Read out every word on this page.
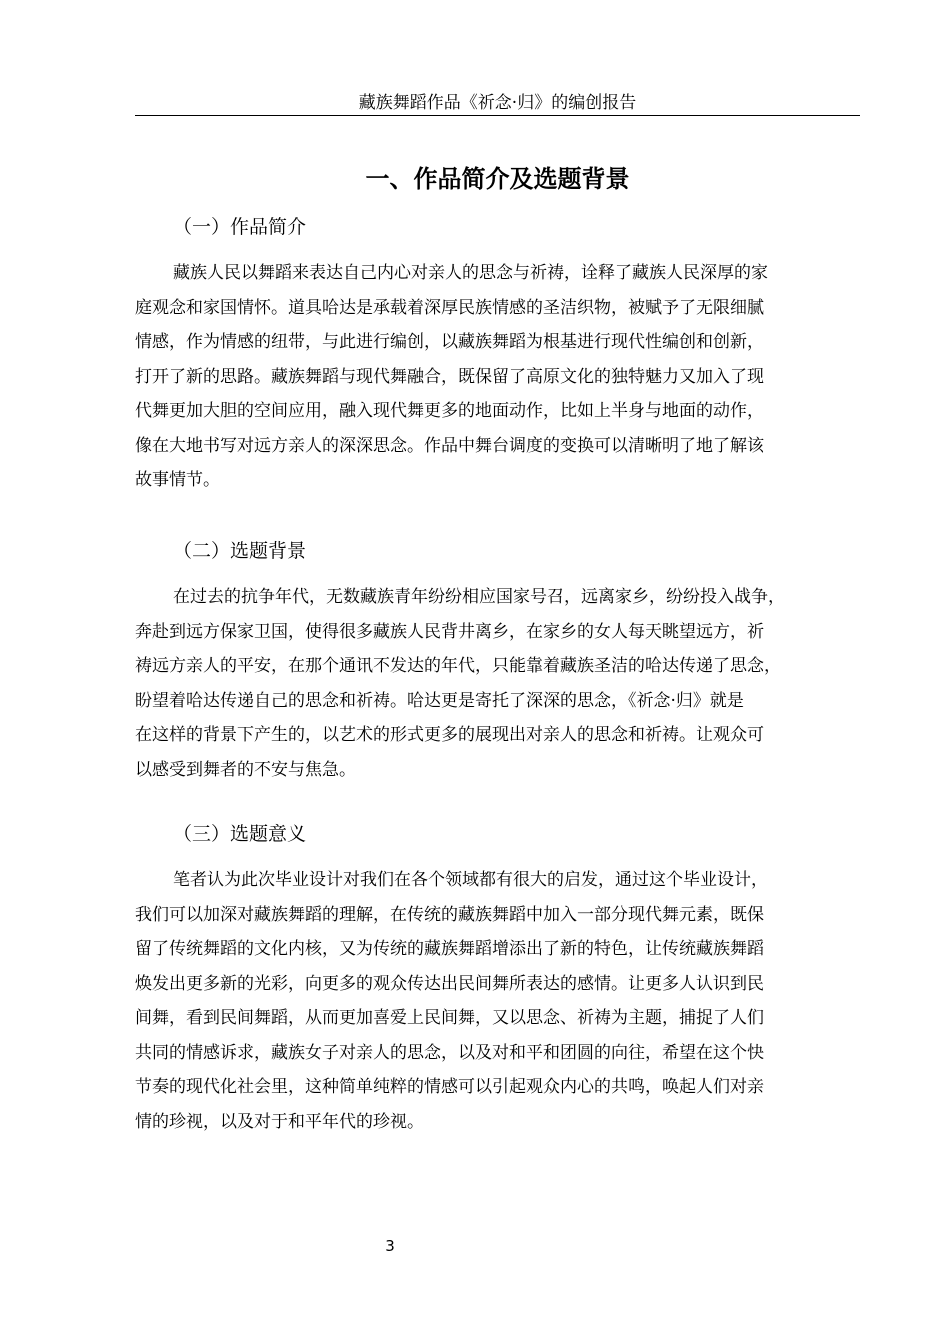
藏族舞蹈作品《祈念·归》的编创报告
一、作品简介及选题背景
（一）作品简介

藏族人民以舞蹈来表达自己内心对亲人的思念与祈祷，诠释了藏族人民深厚的家
庭观念和家国情怀。道具哈达是承载着深厚民族情感的圣洁织物，被赋予了无限细腻
情感，作为情感的纽带，与此进行编创，以藏族舞蹈为根基进行现代性编创和创新，
打开了新的思路。藏族舞蹈与现代舞融合，既保留了高原文化的独特魅力又加入了现
代舞更加大胆的空间应用，融入现代舞更多的地面动作，比如上半身与地面的动作，
像在大地书写对远方亲人的深深思念。作品中舞台调度的变换可以清晰明了地了解该
故事情节。

（二）选题背景

在过去的抗争年代，无数藏族青年纷纷相应国家号召，远离家乡，纷纷投入战争，
奔赴到远方保家卫国，使得很多藏族人民背井离乡，在家乡的女人每天眺望远方，祈
祷远方亲人的平安，在那个通讯不发达的年代，只能靠着藏族圣洁的哈达传递了思念，
盼望着哈达传递自己的思念和祈祷。哈达更是寄托了深深的思念，《祈念·归》就是
在这样的背景下产生的，以艺术的形式更多的展现出对亲人的思念和祈祷。让观众可
以感受到舞者的不安与焦急。

（三）选题意义

笔者认为此次毕业设计对我们在各个领域都有很大的启发，通过这个毕业设计，
我们可以加深对藏族舞蹈的理解，在传统的藏族舞蹈中加入一部分现代舞元素，既保
留了传统舞蹈的文化内核，又为传统的藏族舞蹈增添出了新的特色，让传统藏族舞蹈
焕发出更多新的光彩，向更多的观众传达出民间舞所表达的感情。让更多人认识到民
间舞，看到民间舞蹈，从而更加喜爱上民间舞，又以思念、祈祷为主题，捕捉了人们
共同的情感诉求，藏族女子对亲人的思念，以及对和平和团圆的向往，希望在这个快
节奏的现代化社会里，这种简单纯粹的情感可以引起观众内心的共鸣，唤起人们对亲
情的珍视，以及对于和平年代的珍视。

3
